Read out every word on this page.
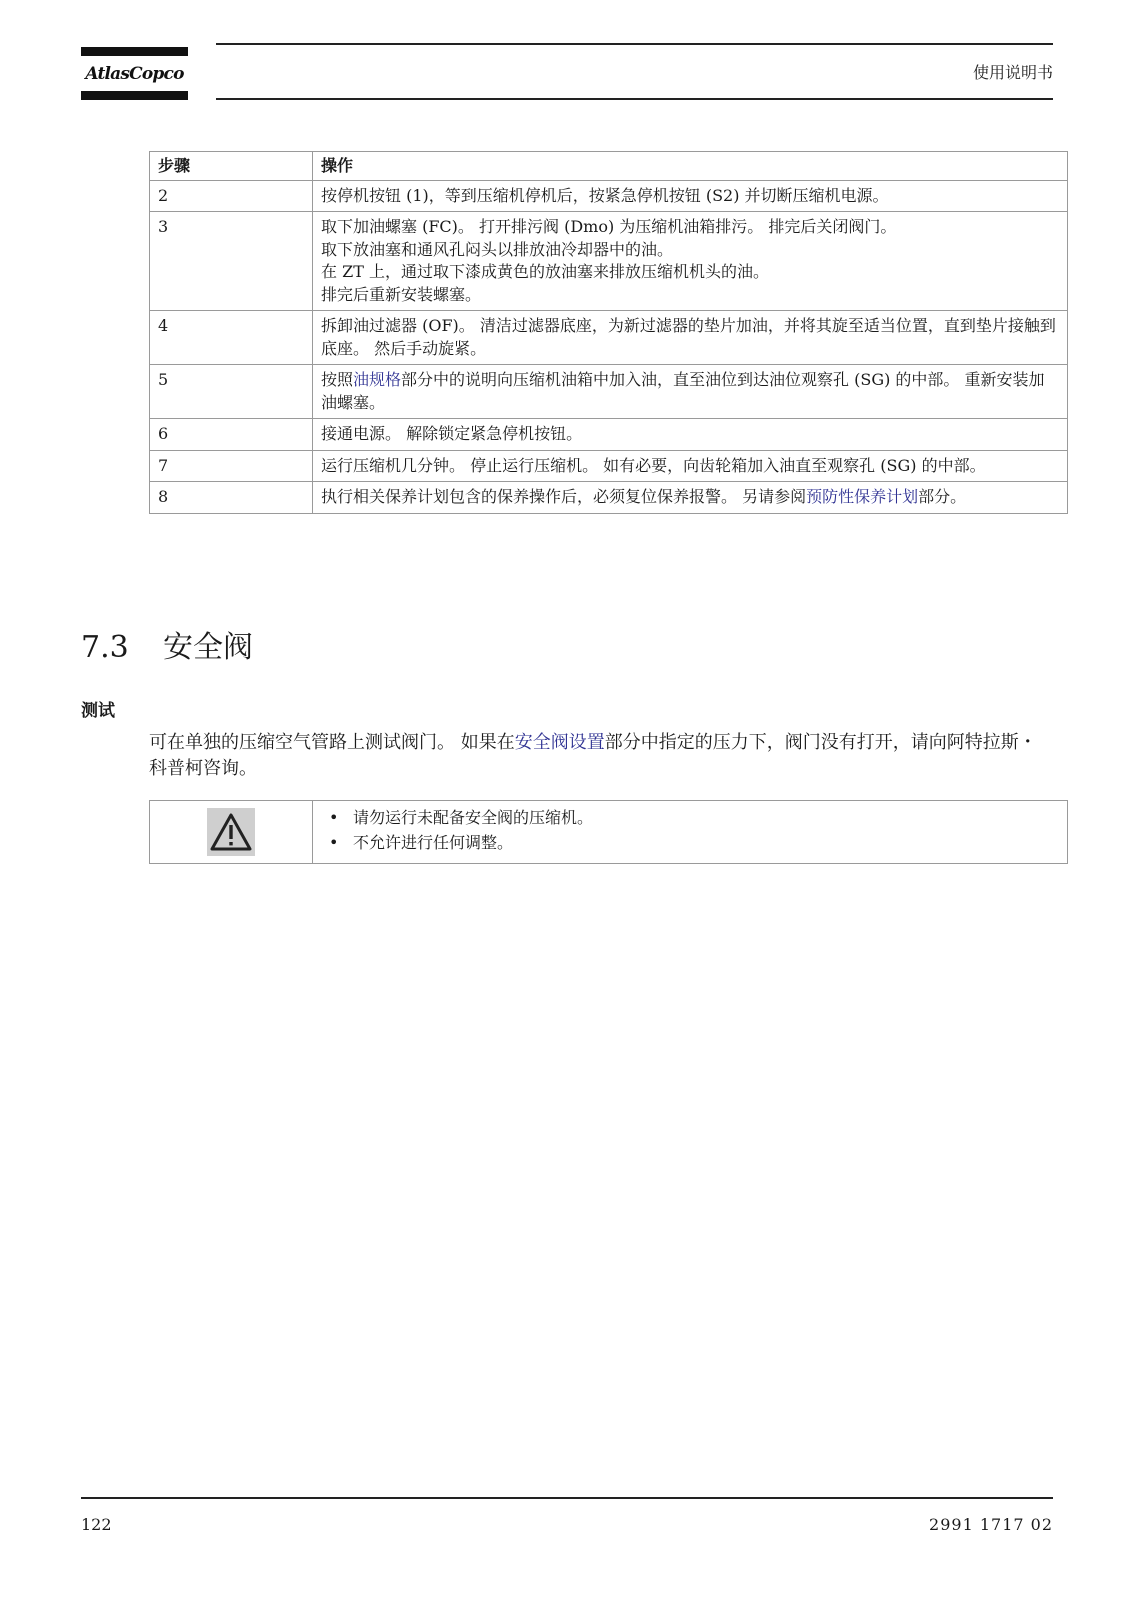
AtlasCopco	使用说明书
步骤	操作
2	按停机按钮 (1)，等到压缩机停机后，按紧急停机按钮 (S2) 并切断压缩机电源。

3	取下加油螺塞 (FC)。 打开排污阀 (Dmo) 为压缩机油箱排污。 排完后关闭阀门。
取下放油塞和通风孔闷头以排放油冷却器中的油。
在 ZT 上，通过取下漆成黄色的放油塞来排放压缩机机头的油。
排完后重新安装螺塞。

4	拆卸油过滤器 (OF)。 清洁过滤器底座，为新过滤器的垫片加油，并将其旋至适当位置，直到垫片接触到底座。 然后手动旋紧。

5	按照油规格部分中的说明向压缩机油箱中加入油，直至油位到达油位观察孔 (SG) 的中部。 重新安装加油螺塞。

6	接通电源。 解除锁定紧急停机按钮。

7	运行压缩机几分钟。 停止运行压缩机。 如有必要，向齿轮箱加入油直至观察孔 (SG) 的中部。

8	执行相关保养计划包含的保养操作后，必须复位保养报警。 另请参阅预防性保养计划部分。
7.3 安全阀
测试
可在单独的压缩空气管路上测试阀门。 如果在安全阀设置部分中指定的压力下，阀门没有打开，请向阿特拉斯・科普柯咨询。

• 请勿运行未配备安全阀的压缩机。
• 不允许进行任何调整。
122	2991 1717 02
